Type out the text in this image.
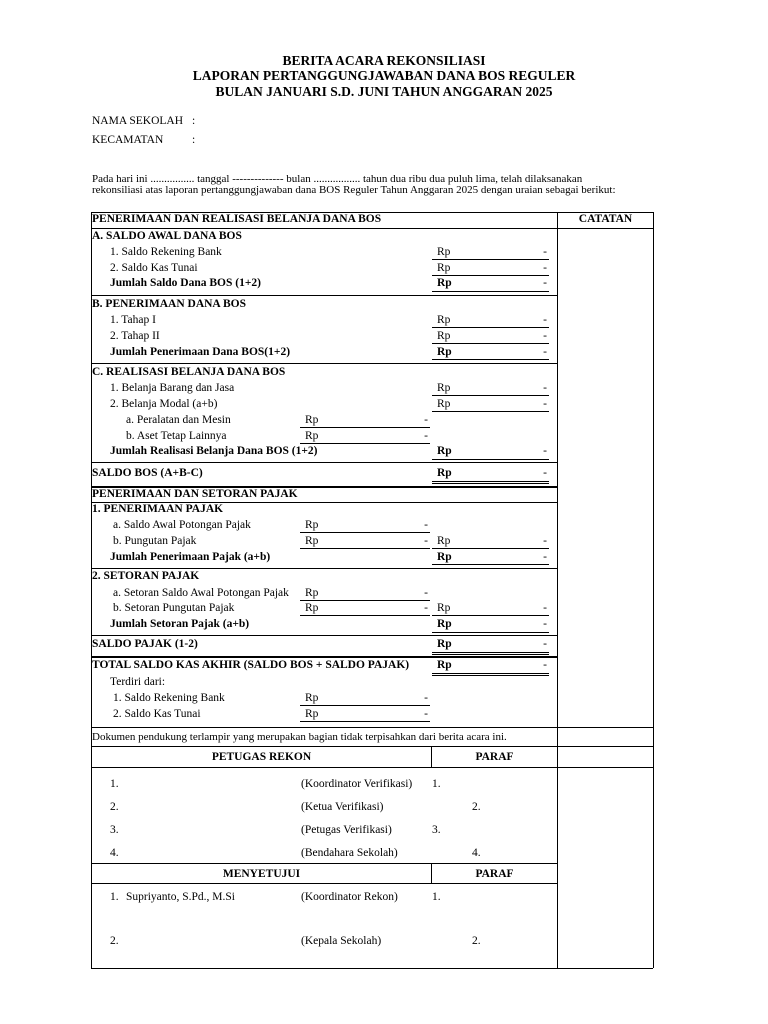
BERITA ACARA REKONSILIASI
LAPORAN PERTANGGUNGJAWABAN DANA BOS REGULER
BULAN JANUARI S.D. JUNI TAHUN ANGGARAN 2025
NAMA SEKOLAH :
KECAMATAN :
Pada hari ini ................ tanggal -------------- bulan ................. tahun dua ribu dua puluh lima, telah dilaksanakan
rekonsiliasi atas laporan pertanggungjawaban dana BOS Reguler Tahun Anggaran 2025 dengan uraian sebagai berikut:
PENERIMAAN DAN REALISASI BELANJA DANA BOS	CATATAN
A. SALDO AWAL DANA BOS
1. Saldo Rekening Bank	Rp	-
2. Saldo Kas Tunai	Rp	-
Jumlah Saldo Dana BOS (1+2)	Rp	-
B. PENERIMAAN DANA BOS
1. Tahap I	Rp	-
2. Tahap II	Rp	-
Jumlah Penerimaan Dana BOS(1+2)	Rp	-
C. REALISASI BELANJA DANA BOS
1. Belanja Barang dan Jasa	Rp	-
2. Belanja Modal (a+b)	Rp	-
a. Peralatan dan Mesin	Rp	-
b. Aset Tetap Lainnya	Rp	-
Jumlah Realisasi Belanja Dana BOS (1+2)	Rp	-
SALDO BOS (A+B-C)	Rp	-
PENERIMAAN DAN SETORAN PAJAK
1. PENERIMAAN PAJAK
a. Saldo Awal Potongan Pajak	Rp	-
b. Pungutan Pajak	Rp	- Rp	-
Jumlah Penerimaan Pajak (a+b)	Rp	-
2. SETORAN PAJAK
a. Setoran Saldo Awal Potongan Pajak Rp	-
b. Setoran Pungutan Pajak	Rp	- Rp	-
Jumlah Setoran Pajak (a+b)	Rp	-
SALDO PAJAK (1-2)	Rp	-
TOTAL SALDO KAS AKHIR (SALDO BOS + SALDO PAJAK) Rp	-
Terdiri dari:
1. Saldo Rekening Bank	Rp	-
2. Saldo Kas Tunai	Rp	-
Dokumen pendukung terlampir yang merupakan bagian tidak terpisahkan dari berita acara ini.
PETUGAS REKON	PARAF
1.	(Koordinator Verifikasi) 1.
2.	(Ketua Verifikasi)	2.
3.	(Petugas Verifikasi)	3.
4.	(Bendahara Sekolah)	4.
MENYETUJUI	PARAF
1. Supriyanto, S.Pd., M.Si	(Koordinator Rekon)	1.
2.	(Kepala Sekolah)	2.
